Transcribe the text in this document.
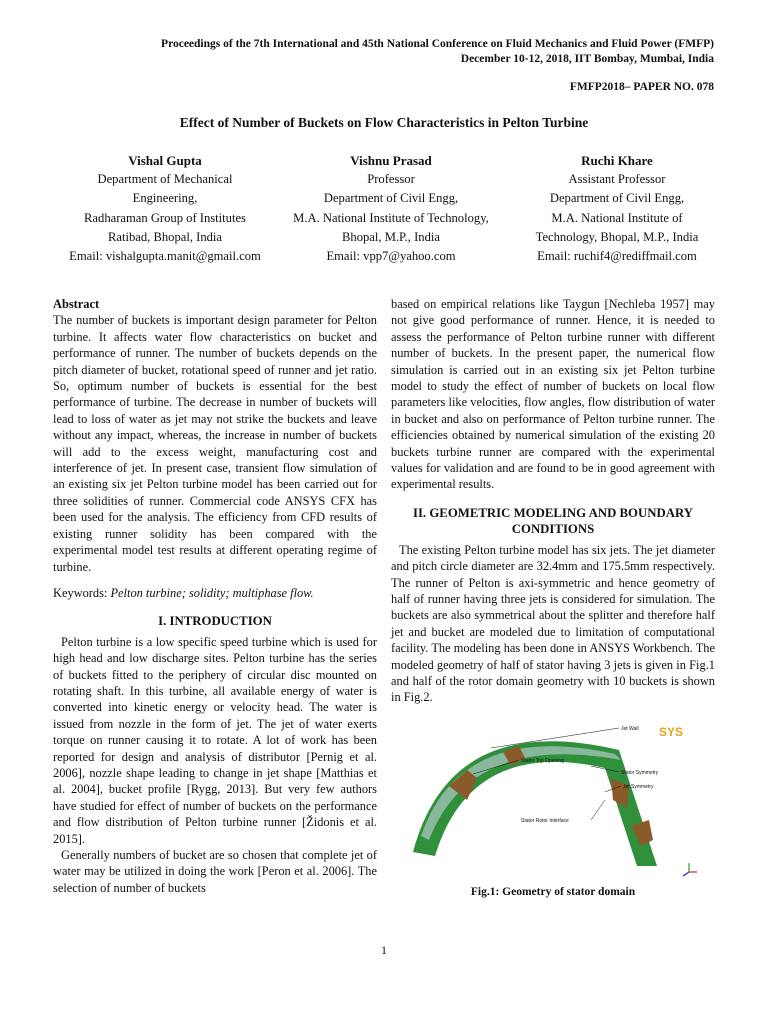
Proceedings of the 7th International and 45th National Conference on Fluid Mechanics and Fluid Power (FMFP)
December 10-12, 2018, IIT Bombay, Mumbai, India
FMFP2018– PAPER NO. 078
Effect of Number of Buckets on Flow Characteristics in Pelton Turbine
Vishal Gupta
Department of Mechanical
Engineering,
Radharaman Group of Institutes
Ratibad, Bhopal, India
Email: vishalgupta.manit@gmail.com
Vishnu Prasad
Professor
Department of Civil Engg,
M.A. National Institute of Technology,
Bhopal, M.P., India
Email: vpp7@yahoo.com
Ruchi Khare
Assistant Professor
Department of Civil Engg,
M.A. National Institute of
Technology, Bhopal, M.P., India
Email: ruchif4@rediffmail.com

Abstract

The number of buckets is important design parameter for Pelton turbine. It affects water flow characteristics on bucket and performance of runner. The number of buckets depends on the pitch diameter of bucket, rotational speed of runner and jet ratio. So, optimum number of buckets is essential for the best performance of turbine. The decrease in number of buckets will lead to loss of water as jet may not strike the buckets and leave without any impact, whereas, the increase in number of buckets will add to the excess weight, manufacturing cost and interference of jet. In present case, transient flow simulation of an existing six jet Pelton turbine model has been carried out for three solidities of runner. Commercial code ANSYS CFX has been used for the analysis. The efficiency from CFD results of existing runner solidity has been compared with the experimental model test results at different operating regime of turbine.

Keywords: Pelton turbine; solidity; multiphase flow.

I. INTRODUCTION

Pelton turbine is a low specific speed turbine which is used for high head and low discharge sites. Pelton turbine has the series of buckets fitted to the periphery of circular disc mounted on rotating shaft. In this turbine, all available energy of water is converted into kinetic energy or velocity head. The water is issued from nozzle in the form of jet. The jet of water exerts torque on runner causing it to rotate. A lot of work has been reported for design and analysis of distributor [Pernig et al. 2006], nozzle shape leading to change in jet shape [Matthias et al. 2004], bucket profile [Rygg, 2013]. But very few authors have studied for effect of number of buckets on the performance and flow distribution of Pelton turbine runner [Židonis et al. 2015].

Generally numbers of bucket are so chosen that complete jet of water may be utilized in doing the work [Peron et al. 2006]. The selection of number of buckets

based on empirical relations like Taygun [Nechleba 1957] may not give good performance of runner. Hence, it is needed to assess the performance of Pelton turbine runner with different number of buckets. In the present paper, the numerical flow simulation is carried out in an existing six jet Pelton turbine model to study the effect of number of buckets on local flow parameters like velocities, flow angles, flow distribution of water in bucket and also on performance of Pelton turbine runner. The efficiencies obtained by numerical simulation of the existing 20 buckets turbine runner are compared with the experimental values for validation and are found to be in good agreement with experimental results.

II. GEOMETRIC MODELING AND BOUNDARY CONDITIONS

The existing Pelton turbine model has six jets. The jet diameter and pitch circle diameter are 32.4mm and 175.5mm respectively. The runner of Pelton is axi-symmetric and hence geometry of half of runner having three jets is considered for simulation. The buckets are also symmetrical about the splitter and therefore half jet and bucket are modeled due to limitation of computational facility. The modeling has been done in ANSYS Workbench. The modeled geometry of half of stator having 3 jets is given in Fig.1 and half of the rotor domain geometry with 10 buckets is shown in Fig.2.

SYS
Jet Wall
Stator Top Opening
Stator Symmetry
Jet Symmetry
Stator Rotor Interface

Fig.1: Geometry of stator domain

1
